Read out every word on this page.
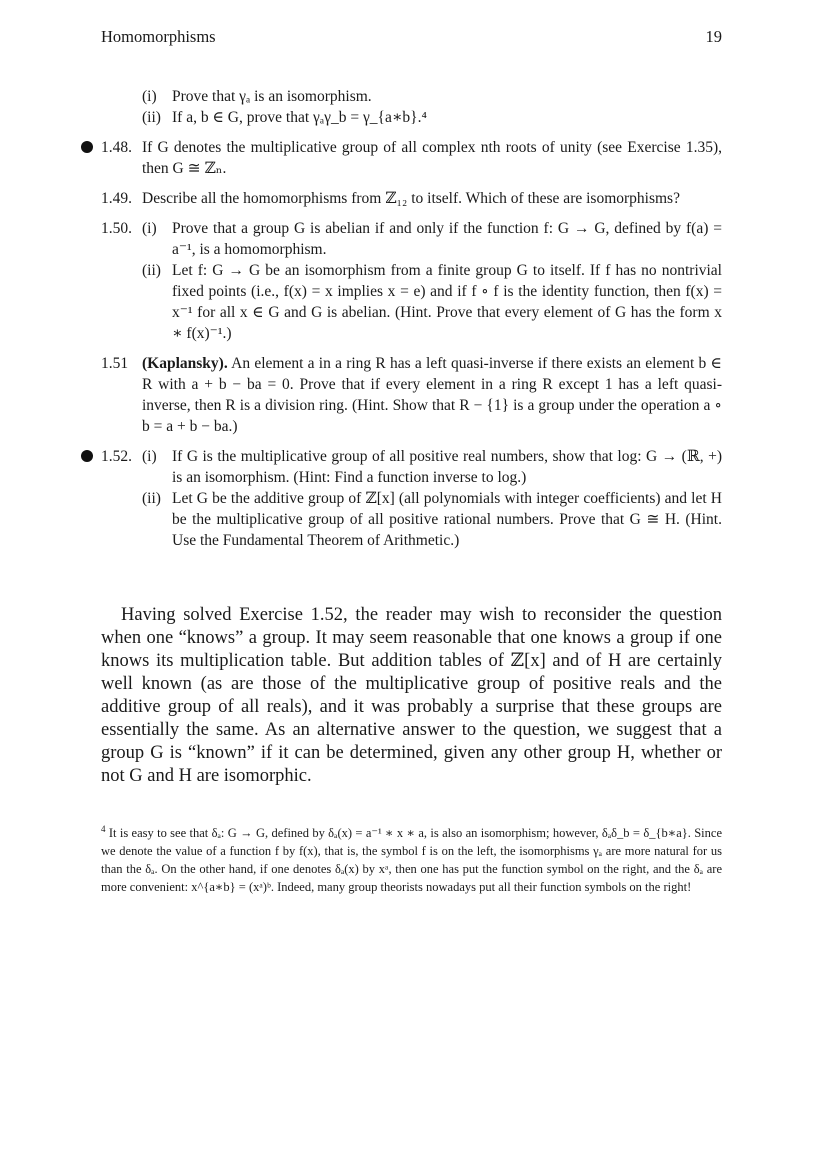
Homomorphisms	19
(i) Prove that γₐ is an isomorphism.
(ii) If a, b ∈ G, prove that γₐγ_b = γ_{a∗b}.⁴
1.48. If G denotes the multiplicative group of all complex nth roots of unity (see Exercise 1.35), then G ≅ ℤₙ.
1.49. Describe all the homomorphisms from ℤ₁₂ to itself. Which of these are isomorphisms?
1.50. (i) Prove that a group G is abelian if and only if the function f: G → G, defined by f(a) = a⁻¹, is a homomorphism.
(ii) Let f: G → G be an isomorphism from a finite group G to itself. If f has no nontrivial fixed points (i.e., f(x) = x implies x = e) and if f ∘ f is the identity function, then f(x) = x⁻¹ for all x ∈ G and G is abelian. (Hint. Prove that every element of G has the form x ∗ f(x)⁻¹.)
1.51 (Kaplansky). An element a in a ring R has a left quasi-inverse if there exists an element b ∈ R with a + b − ba = 0. Prove that if every element in a ring R except 1 has a left quasi-inverse, then R is a division ring. (Hint. Show that R − {1} is a group under the operation a ∘ b = a + b − ba.)
1.52. (i) If G is the multiplicative group of all positive real numbers, show that log: G → (ℝ, +) is an isomorphism. (Hint: Find a function inverse to log.)
(ii) Let G be the additive group of ℤ[x] (all polynomials with integer coefficients) and let H be the multiplicative group of all positive rational numbers. Prove that G ≅ H. (Hint. Use the Fundamental Theorem of Arithmetic.)

Having solved Exercise 1.52, the reader may wish to reconsider the question when one “knows” a group. It may seem reasonable that one knows a group if one knows its multiplication table. But addition tables of ℤ[x] and of H are certainly well known (as are those of the multiplicative group of positive reals and the additive group of all reals), and it was probably a surprise that these groups are essentially the same. As an alternative answer to the question, we suggest that a group G is “known” if it can be determined, given any other group H, whether or not G and H are isomorphic.

$^4$ It is easy to see that δₐ: G → G, defined by δₐ(x) = a⁻¹ ∗ x ∗ a, is also an isomorphism; however, δₐδ_b = δ_{b∗a}. Since we denote the value of a function f by f(x), that is, the symbol f is on the left, the isomorphisms γₐ are more natural for us than the δₐ. On the other hand, if one denotes δₐ(x) by xᵃ, then one has put the function symbol on the right, and the δₐ are more convenient: x^{a∗b} = (xᵃ)ᵇ. Indeed, many group theorists nowadays put all their function symbols on the right!
